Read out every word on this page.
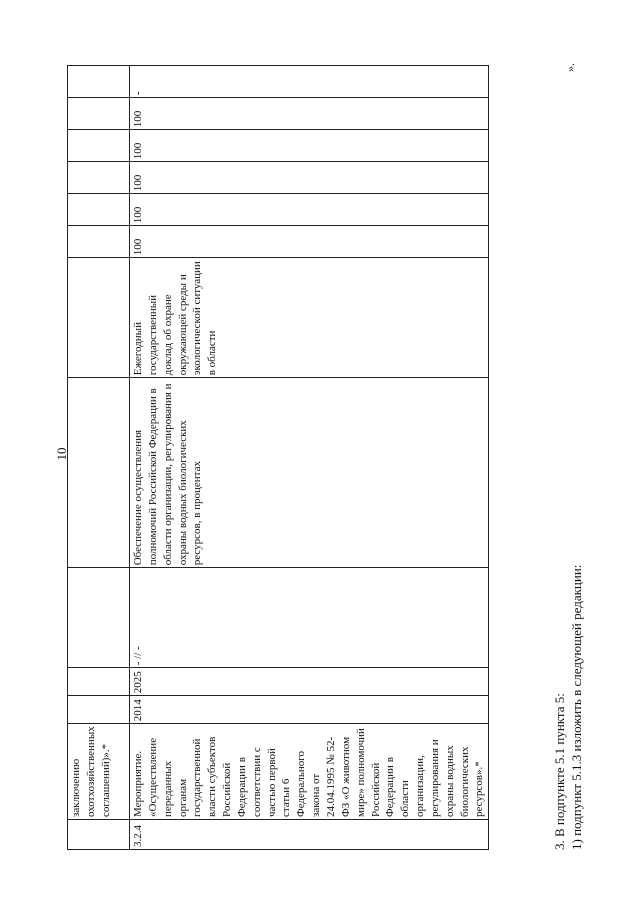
10
».
	заключению охотхозяйственных соглашений)».*											
3.2.4	Мероприятие. «Осуществление переданных органам государственной власти субъектов Российской Федерации в соответствии с частью первой статьи 6 Федерального закона от 24.04.1995 № 52-ФЗ «О животном мире» полномочий Российской Федерации в области организации, регулирования и охраны водных биологических ресурсов».*	2014	2025	- // -	Обеспечение осуществления полномочий Российской Федерации в области организации, регулирования и охраны водных биологических ресурсов, в процентах	Ежегодный государственный доклад об охране окружающей среды и экологической ситуации в области	100	100	100	100	100	-
3. В подпункте 5.1 пункта 5: 1) подпункт 5.1.3 изложить в следующей редакции:
